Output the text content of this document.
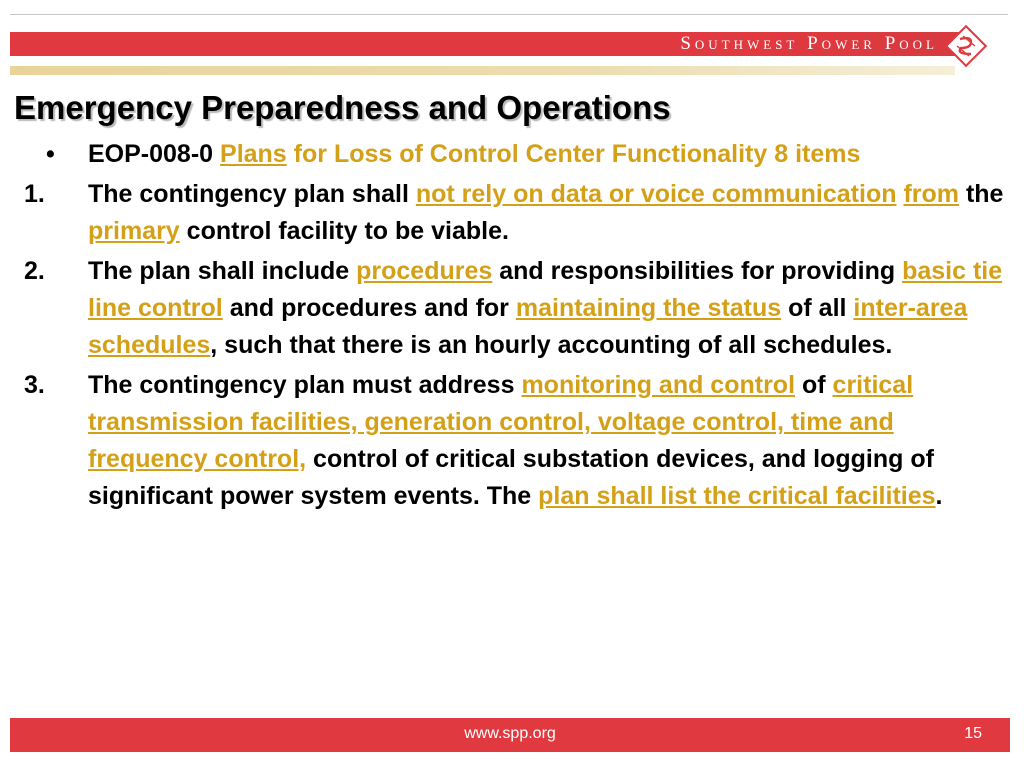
Southwest Power Pool
Emergency Preparedness and Operations
•	EOP-008-0 Plans for Loss of Control Center Functionality 8 items
1.	The contingency plan shall not rely on data or voice communication from the primary control facility to be viable.
2.	The plan shall include procedures and responsibilities for providing basic tie line control and procedures and for maintaining the status of all inter-area schedules, such that there is an hourly accounting of all schedules.
3.	The contingency plan must address monitoring and control of critical transmission facilities, generation control, voltage control, time and frequency control, control of critical substation devices, and logging of significant power system events. The plan shall list the critical facilities.
www.spp.org	15
